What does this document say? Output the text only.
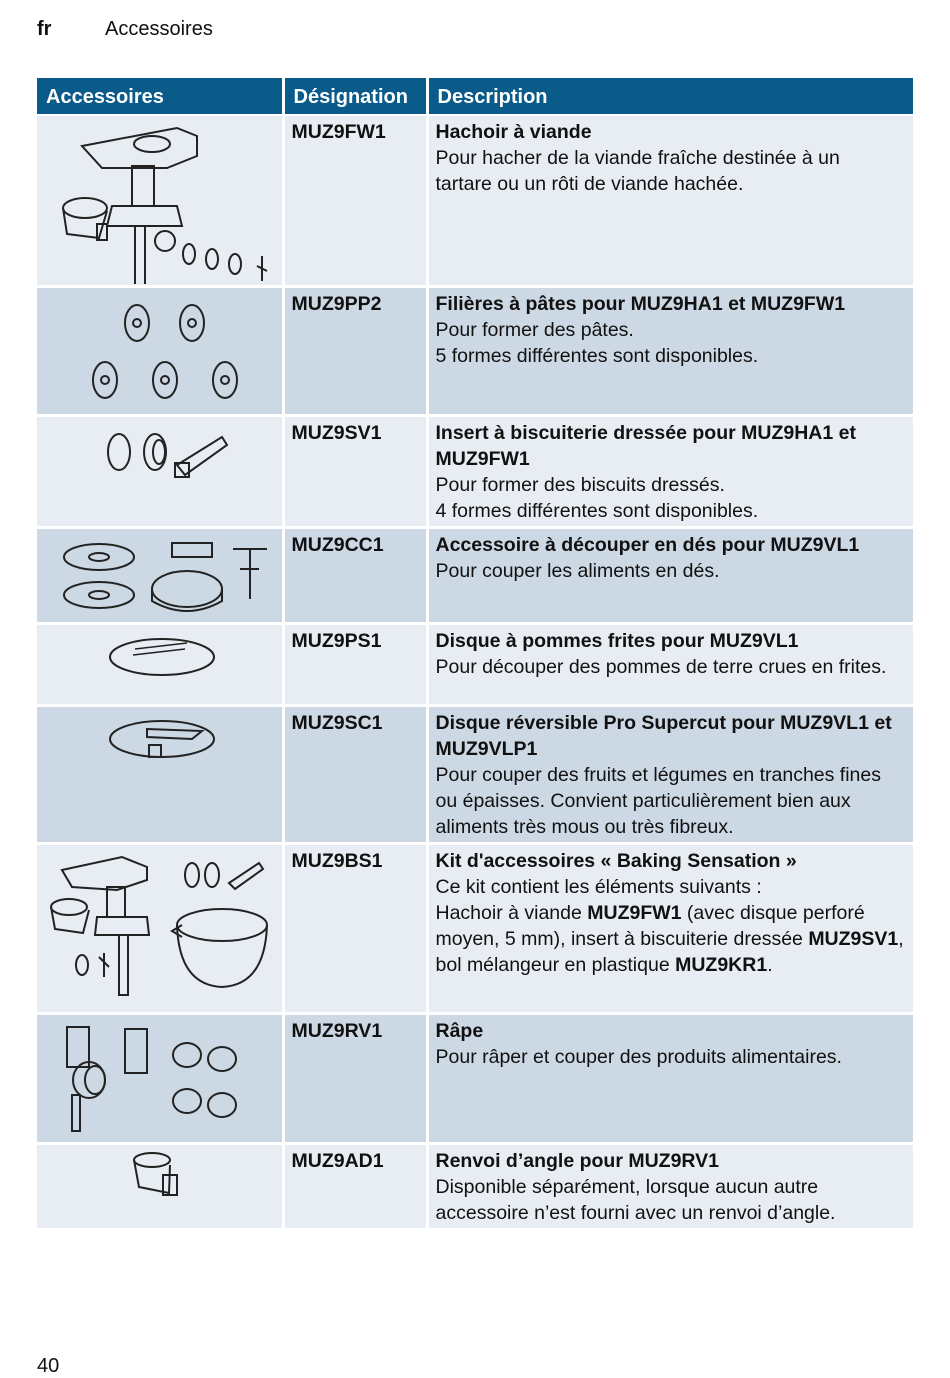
fr	Accessoires
Accessoires	Désignation	Description

	MUZ9FW1	Hachoir à viande
Pour hacher de la viande fraîche destinée à un
tartare ou un rôti de viande hachée.

	MUZ9PP2	Filières à pâtes pour MUZ9HA1 et MUZ9FW1
Pour former des pâtes.
5 formes différentes sont disponibles.

	MUZ9SV1	Insert à biscuiterie dressée pour MUZ9HA1 et MUZ9FW1
Pour former des biscuits dressés.
4 formes différentes sont disponibles.

	MUZ9CC1	Accessoire à découper en dés pour MUZ9VL1
Pour couper les aliments en dés.

	MUZ9PS1	Disque à pommes frites pour MUZ9VL1
Pour découper des pommes de terre crues en frites.

	MUZ9SC1	Disque réversible Pro Supercut pour MUZ9VL1 et MUZ9VLP1
Pour couper des fruits et légumes en tranches fines ou épaisses. Convient particulièrement bien aux aliments très mous ou très fibreux.

	MUZ9BS1	Kit d'accessoires « Baking Sensation »
Ce kit contient les éléments suivants :
Hachoir à viande MUZ9FW1 (avec disque perforé moyen, 5 mm), insert à biscuiterie dressée MUZ9SV1, bol mélangeur en plastique MUZ9KR1.

	MUZ9RV1	Râpe
Pour râper et couper des produits alimentaires.

	MUZ9AD1	Renvoi d’angle pour MUZ9RV1
Disponible séparément, lorsque aucun autre accessoire n’est fourni avec un renvoi d’angle.
40
